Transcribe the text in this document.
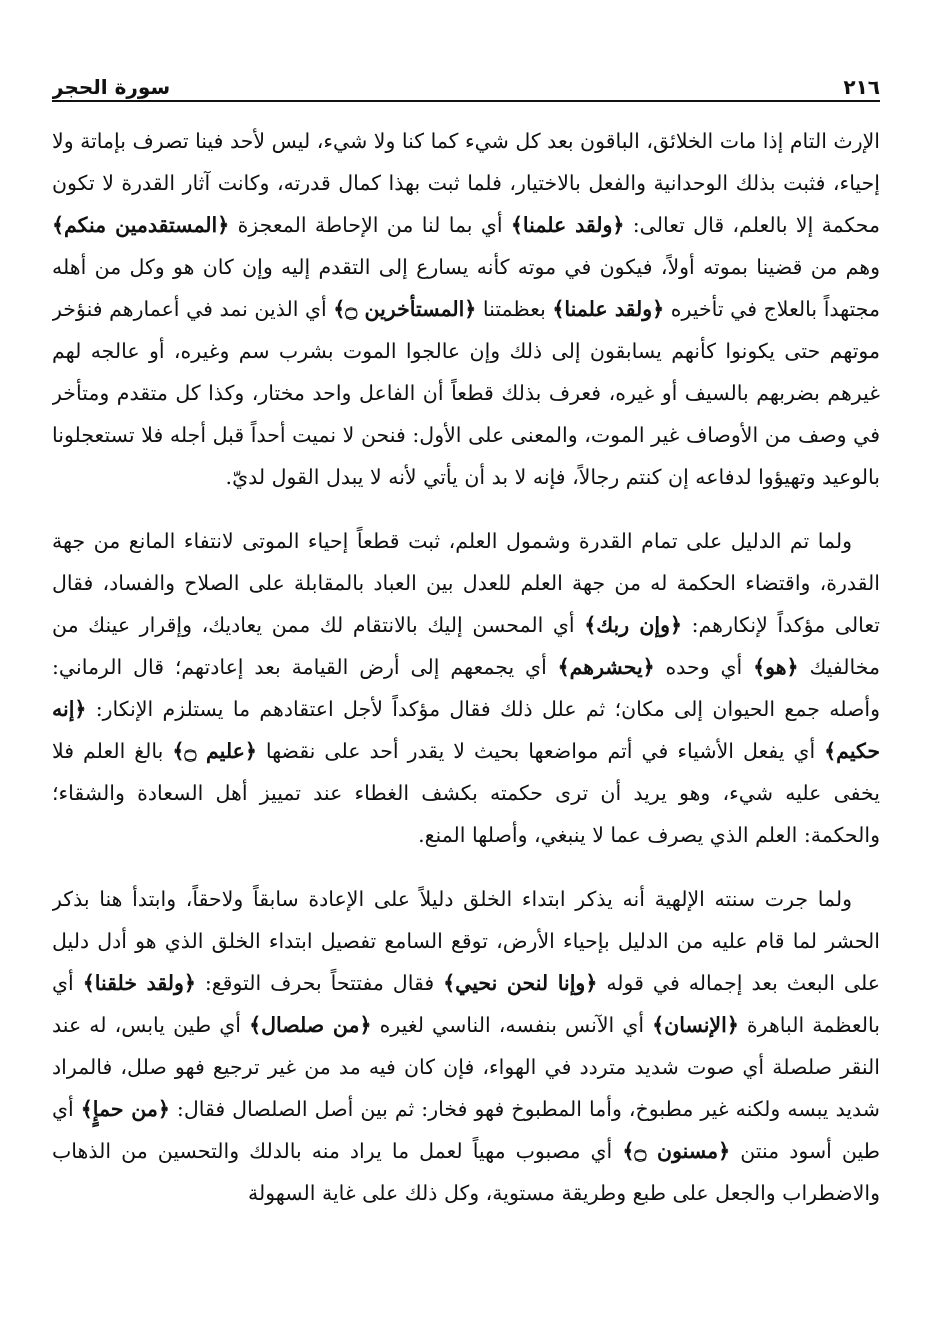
٢١٦
سورة الحجر

الإرث التام إذا مات الخلائق، الباقون بعد كل شيء كما كنا ولا شيء، ليس لأحد فينا تصرف بإماتة ولا إحياء، فثبت بذلك الوحدانية والفعل بالاختيار، فلما ثبت بهذا كمال قدرته، وكانت آثار القدرة لا تكون محكمة إلا بالعلم، قال تعالى: ﴿ولقد علمنا﴾ أي بما لنا من الإحاطة المعجزة ﴿المستقدمين منكم﴾ وهم من قضينا بموته أولاً، فيكون في موته كأنه يسارع إلى التقدم إليه وإن كان هو وكل من أهله مجتهداً بالعلاج في تأخيره ﴿ولقد علمنا﴾ بعظمتنا ﴿المستأخرين ۝﴾ أي الذين نمد في أعمارهم فنؤخر موتهم حتى يكونوا كأنهم يسابقون إلى ذلك وإن عالجوا الموت بشرب سم وغيره، أو عالجه لهم غيرهم بضربهم بالسيف أو غيره، فعرف بذلك قطعاً أن الفاعل واحد مختار، وكذا كل متقدم ومتأخر في وصف من الأوصاف غير الموت، والمعنى على الأول: فنحن لا نميت أحداً قبل أجله فلا تستعجلونا بالوعيد وتهيؤوا لدفاعه إن كنتم رجالاً، فإنه لا بد أن يأتي لأنه لا يبدل القول لديّ.

ولما تم الدليل على تمام القدرة وشمول العلم، ثبت قطعاً إحياء الموتى لانتفاء المانع من جهة القدرة، واقتضاء الحكمة له من جهة العلم للعدل بين العباد بالمقابلة على الصلاح والفساد، فقال تعالى مؤكداً لإنكارهم: ﴿وإن ربك﴾ أي المحسن إليك بالانتقام لك ممن يعاديك، وإقرار عينك من مخالفيك ﴿هو﴾ أي وحده ﴿يحشرهم﴾ أي يجمعهم إلى أرض القيامة بعد إعادتهم؛ قال الرماني: وأصله جمع الحيوان إلى مكان؛ ثم علل ذلك فقال مؤكداً لأجل اعتقادهم ما يستلزم الإنكار: ﴿إنه حكيم﴾ أي يفعل الأشياء في أتم مواضعها بحيث لا يقدر أحد على نقضها ﴿عليم ۝﴾ بالغ العلم فلا يخفى عليه شيء، وهو يريد أن ترى حكمته بكشف الغطاء عند تمييز أهل السعادة والشقاء؛ والحكمة: العلم الذي يصرف عما لا ينبغي، وأصلها المنع.

ولما جرت سنته الإلهية أنه يذكر ابتداء الخلق دليلاً على الإعادة سابقاً ولاحقاً، وابتدأ هنا بذكر الحشر لما قام عليه من الدليل بإحياء الأرض، توقع السامع تفصيل ابتداء الخلق الذي هو أدل دليل على البعث بعد إجماله في قوله ﴿وإنا لنحن نحيي﴾ فقال مفتتحاً بحرف التوقع: ﴿ولقد خلقنا﴾ أي بالعظمة الباهرة ﴿الإنسان﴾ أي الآنس بنفسه، الناسي لغيره ﴿من صلصال﴾ أي طين يابس، له عند النقر صلصلة أي صوت شديد متردد في الهواء، فإن كان فيه مد من غير ترجيع فهو صلل، فالمراد شديد يبسه ولكنه غير مطبوخ، وأما المطبوخ فهو فخار: ثم بين أصل الصلصال فقال: ﴿من حمإٍ﴾ أي طين أسود منتن ﴿مسنون ۝﴾ أي مصبوب مهياً لعمل ما يراد منه بالدلك والتحسين من الذهاب والاضطراب والجعل على طبع وطريقة مستوية، وكل ذلك على غاية السهولة
